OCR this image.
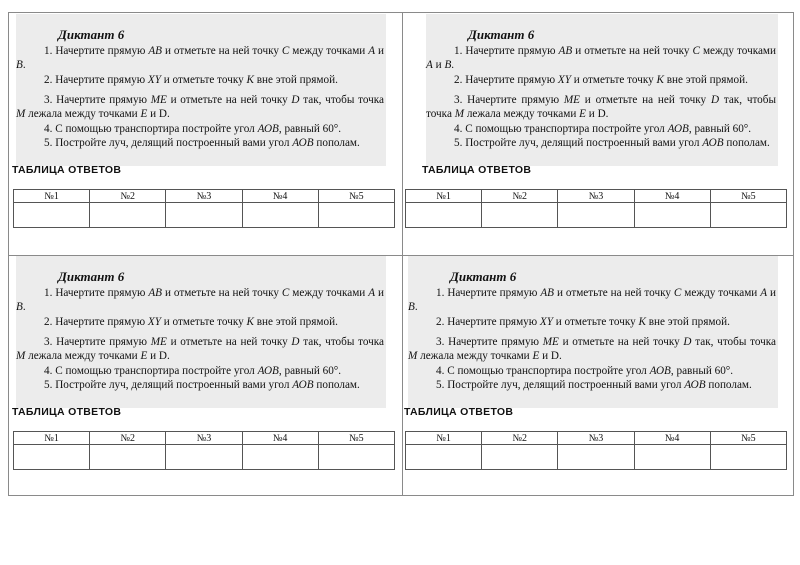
Диктант 6
1. Начертите прямую АВ и отметьте на ней точку С между точками А и В.
2. Начертите прямую XY и отметьте точку К вне этой прямой.
3. Начертите прямую МЕ и отметьте на ней точку D так, чтобы точка М лежала между точками Е и D.
4. С помощью транспортира постройте угол АОВ, равный 60°.
5. Постройте луч, делящий построенный вами угол АОВ пополам.
ТАБЛИЦА ОТВЕТОВ
№1	№2	№3	№4	№5

Диктант 6
1. Начертите прямую АВ и отметьте на ней точку С между точками А и В.
2. Начертите прямую XY и отметьте точку К вне этой прямой.
3. Начертите прямую МЕ и отметьте на ней точку D так, чтобы точка М лежала между точками Е и D.
4. С помощью транспортира постройте угол АОВ, равный 60°.
5. Постройте луч, делящий построенный вами угол АОВ пополам.
ТАБЛИЦА ОТВЕТОВ
№1	№2	№3	№4	№5

Диктант 6
1. Начертите прямую АВ и отметьте на ней точку С между точками А и В.
2. Начертите прямую XY и отметьте точку К вне этой прямой.
3. Начертите прямую МЕ и отметьте на ней точку D так, чтобы точка М лежала между точками Е и D.
4. С помощью транспортира постройте угол АОВ, равный 60°.
5. Постройте луч, делящий построенный вами угол АОВ пополам.
ТАБЛИЦА ОТВЕТОВ
№1	№2	№3	№4	№5

Диктант 6
1. Начертите прямую АВ и отметьте на ней точку С между точками А и В.
2. Начертите прямую XY и отметьте точку К вне этой прямой.
3. Начертите прямую МЕ и отметьте на ней точку D так, чтобы точка М лежала между точками Е и D.
4. С помощью транспортира постройте угол АОВ, равный 60°.
5. Постройте луч, делящий построенный вами угол АОВ пополам.
ТАБЛИЦА ОТВЕТОВ
№1	№2	№3	№4	№5
